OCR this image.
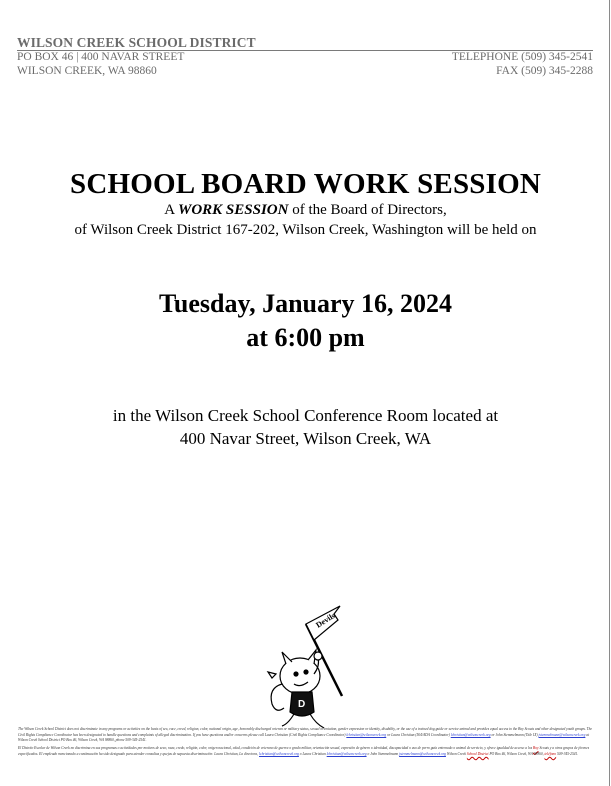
WILSON CREEK SCHOOL DISTRICT
PO BOX 46 | 400 NAVAR STREET
WILSON CREEK, WA 98860
TELEPHONE (509) 345-2541
FAX (509) 345-2288
SCHOOL BOARD WORK SESSION
A WORK SESSION of the Board of Directors,
of Wilson Creek District 167-202, Wilson Creek, Washington will be held on
Tuesday, January 16, 2024
at 6:00 pm
in the Wilson Creek School Conference Room located at
400 Navar Street, Wilson Creek, WA
Devils
D

The Wilson Creek School District does not discriminate in any programs or activities on the basis of sex, race, creed, religion, color, national origin, age, honorably discharged veteran or military status, sexual orientation, gender expression or identity, disability, or the use of a trained dog guide or service animal and provides equal access to the Boy Scouts and other designated youth groups. The Civil Rights Compliance Coordinator has been designated to handle questions and complaints of alleged discrimination. If you have questions and/or concerns please call Laura Christian (Civil Rights Compliance Coordinator) lchristian@wilsoncreek.org or Laura Christian (504/ADA Coordinator) lchristian@wilsoncreek.org or John Stemmelmann (Title IX) jstemmelmann@wilsoncreek.org at Wilson Creek School District PO Box 46, Wilson Creek, WA 98860, phone 509-345-2541.

El Distrito Escolar de Wilson Creek no discrimina en sus programas o actividades por motivos de sexo, raza, credo, religión, color, origen nacional, edad, condición de veterano de guerra o grado militar, orientación sexual, expresión de género o identidad, discapacidad o uso de perro guía entrenado o animal de servicio, y ofrece igualdad de acceso a los Boy Scouts y a otros grupos de jóvenes especificados. El empleado mencionado a continuación ha sido designado para atender consultas y quejas de supuesta discriminación: Laura Christian, La directora, lchristian@wilsoncreek.org o Laura Christian lchristian@wilsoncreek.org o John Stemmelmann jstemmelmann@wilsoncreek.org Wilson Creek School District PO Box 46, Wilson Creek, WA 98860, teléfono 509-345-2541.
